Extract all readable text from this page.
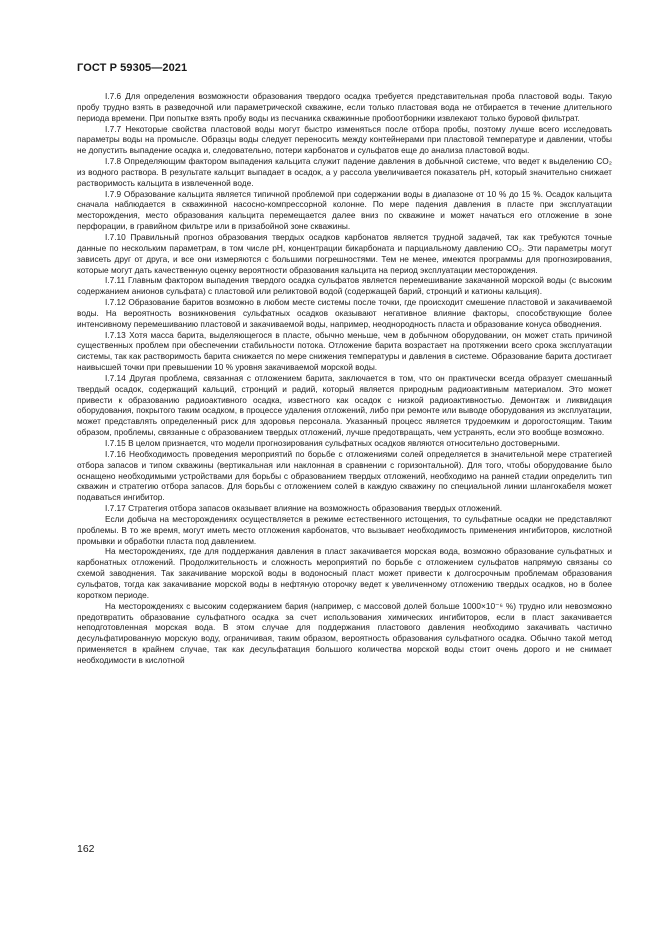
ГОСТ Р 59305—2021

I.7.6 Для определения возможности образования твердого осадка требуется представительная проба пластовой воды. Такую пробу трудно взять в разведочной или параметрической скважине, если только пластовая вода не отбирается в течение длительного периода времени. При попытке взять пробу воды из песчаника скважинные пробоотборники извлекают только буровой фильтрат.

I.7.7 Некоторые свойства пластовой воды могут быстро изменяться после отбора пробы, поэтому лучше всего исследовать параметры воды на промысле. Образцы воды следует переносить между контейнерами при пластовой температуре и давлении, чтобы не допустить выпадение осадка и, следовательно, потери карбонатов и сульфатов еще до анализа пластовой воды.

I.7.8 Определяющим фактором выпадения кальцита служит падение давления в добычной системе, что ведет к выделению CO₂ из водного раствора. В результате кальцит выпадает в осадок, а у рассола увеличивается показатель pH, который значительно снижает растворимость кальцита в извлеченной воде.

I.7.9 Образование кальцита является типичной проблемой при содержании воды в диапазоне от 10 % до 15 %. Осадок кальцита сначала наблюдается в скважинной насосно-компрессорной колонне. По мере падения давления в пласте при эксплуатации месторождения, место образования кальцита перемещается далее вниз по скважине и может начаться его отложение в зоне перфорации, в гравийном фильтре или в призабойной зоне скважины.

I.7.10 Правильный прогноз образования твердых осадков карбонатов является трудной задачей, так как требуются точные данные по нескольким параметрам, в том числе pH, концентрации бикарбоната и парциальному давлению CO₂. Эти параметры могут зависеть друг от друга, и все они измеряются с большими погрешностями. Тем не менее, имеются программы для прогнозирования, которые могут дать качественную оценку вероятности образования кальцита на период эксплуатации месторождения.

I.7.11 Главным фактором выпадения твердого осадка сульфатов является перемешивание закачанной морской воды (с высоким содержанием анионов сульфата) с пластовой или реликтовой водой (содержащей барий, стронций и катионы кальция).

I.7.12 Образование баритов возможно в любом месте системы после точки, где происходит смешение пластовой и закачиваемой воды. На вероятность возникновения сульфатных осадков оказывают негативное влияние факторы, способствующие более интенсивному перемешиванию пластовой и закачиваемой воды, например, неоднородность пласта и образование конуса обводнения.

I.7.13 Хотя масса барита, выделяющегося в пласте, обычно меньше, чем в добычном оборудовании, он может стать причиной существенных проблем при обеспечении стабильности потока. Отложение барита возрастает на протяжении всего срока эксплуатации системы, так как растворимость барита снижается по мере снижения температуры и давления в системе. Образование барита достигает наивысшей точки при превышении 10 % уровня закачиваемой морской воды.

I.7.14 Другая проблема, связанная с отложением барита, заключается в том, что он практически всегда образует смешанный твердый осадок, содержащий кальций, стронций и радий, который является природным радиоактивным материалом. Это может привести к образованию радиоактивного осадка, известного как осадок с низкой радиоактивностью. Демонтаж и ликвидация оборудования, покрытого таким осадком, в процессе удаления отложений, либо при ремонте или выводе оборудования из эксплуатации, может представлять определенный риск для здоровья персонала. Указанный процесс является трудоемким и дорогостоящим. Таким образом, проблемы, связанные с образованием твердых отложений, лучше предотвращать, чем устранять, если это вообще возможно.

I.7.15 В целом признается, что модели прогнозирования сульфатных осадков являются относительно достоверными.

I.7.16 Необходимость проведения мероприятий по борьбе с отложениями солей определяется в значительной мере стратегией отбора запасов и типом скважины (вертикальная или наклонная в сравнении с горизонтальной). Для того, чтобы оборудование было оснащено необходимыми устройствами для борьбы с образованием твердых отложений, необходимо на ранней стадии определить тип скважин и стратегию отбора запасов. Для борьбы с отложением солей в каждую скважину по специальной линии шлангокабеля может подаваться ингибитор.

I.7.17 Стратегия отбора запасов оказывает влияние на возможность образования твердых отложений.

Если добыча на месторождениях осуществляется в режиме естественного истощения, то сульфатные осадки не представляют проблемы. В то же время, могут иметь место отложения карбонатов, что вызывает необходимость применения ингибиторов, кислотной промывки и обработки пласта под давлением.

На месторождениях, где для поддержания давления в пласт закачивается морская вода, возможно образование сульфатных и карбонатных отложений. Продолжительность и сложность мероприятий по борьбе с отложением сульфатов напрямую связаны со схемой заводнения. Так закачивание морской воды в водоносный пласт может привести к долгосрочным проблемам образования сульфатов, тогда как закачивание морской воды в нефтяную оторочку ведет к увеличенному отложению твердых осадков, но в более коротком периоде.

На месторождениях с высоким содержанием бария (например, с массовой долей больше 1000×10⁻⁶ %) трудно или невозможно предотвратить образование сульфатного осадка за счет использования химических ингибиторов, если в пласт закачивается неподготовленная морская вода. В этом случае для поддержания пластового давления необходимо закачивать частично десульфатированную морскую воду, ограничивая, таким образом, вероятность образования сульфатного осадка. Обычно такой метод применяется в крайнем случае, так как десульфатация большого количества морской воды стоит очень дорого и не снимает необходимости в кислотной

162
